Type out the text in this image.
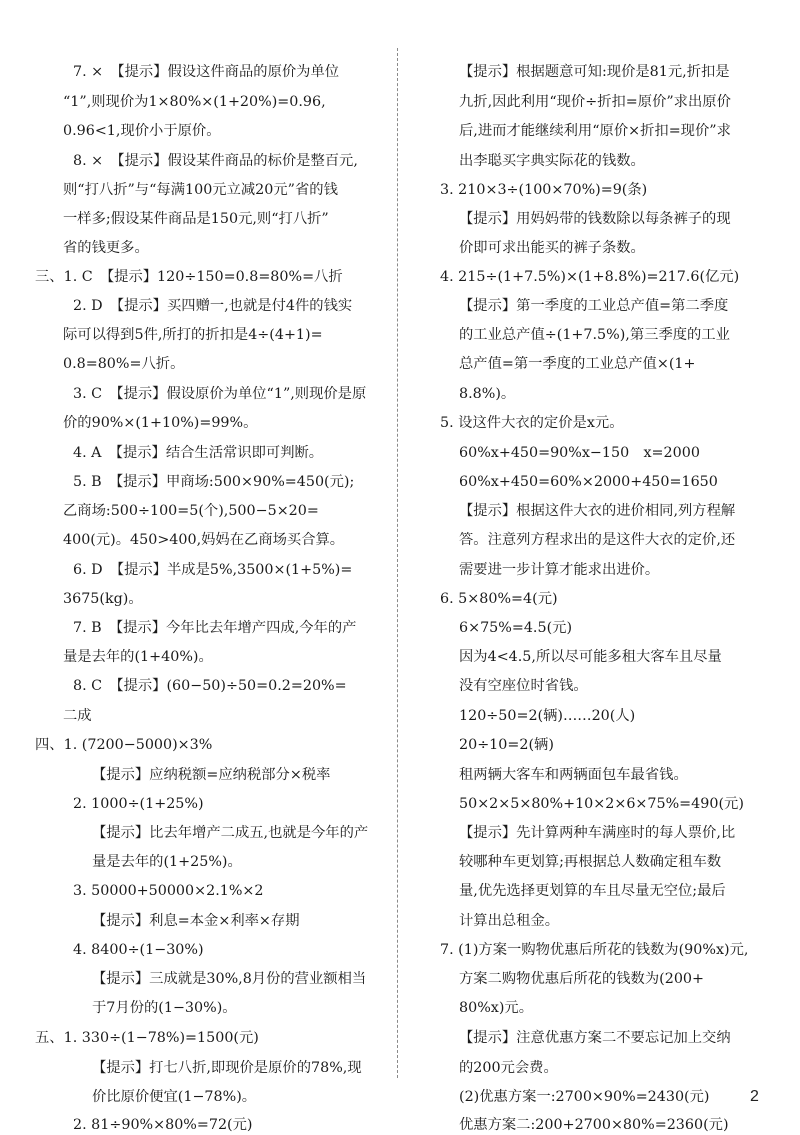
7. ×　【提示】假设这件商品的原价为单位
“1”,则现价为1×80%×(1+20%)=0.96,
0.96<1,现价小于原价。
8. ×　【提示】假设某件商品的标价是整百元,
则“打八折”与“每满100元立减20元”省的钱
一样多;假设某件商品是150元,则“打八折”
省的钱更多。
三、1. C　【提示】120÷150=0.8=80%=八折
2. D　【提示】买四赠一,也就是付4件的钱实
际可以得到5件,所打的折扣是4÷(4+1)=
0.8=80%=八折。
3. C　【提示】假设原价为单位“1”,则现价是原
价的90%×(1+10%)=99%。
4. A　【提示】结合生活常识即可判断。
5. B　【提示】甲商场:500×90%=450(元);
乙商场:500÷100=5(个),500−5×20=
400(元)。450>400,妈妈在乙商场买合算。
6. D　【提示】半成是5%,3500×(1+5%)=
3675(kg)。
7. B　【提示】今年比去年增产四成,今年的产
量是去年的(1+40%)。
8. C　【提示】(60−50)÷50=0.2=20%=
二成
四、1. (7200−5000)×3%
【提示】应纳税额=应纳税部分×税率
2. 1000÷(1+25%)
【提示】比去年增产二成五,也就是今年的产
量是去年的(1+25%)。
3. 50000+50000×2.1%×2
【提示】利息=本金×利率×存期
4. 8400÷(1−30%)
【提示】三成就是30%,8月份的营业额相当
于7月份的(1−30%)。
五、1. 330÷(1−78%)=1500(元)
【提示】打七八折,即现价是原价的78%,现
价比原价便宜(1−78%)。
2. 81÷90%×80%=72(元)
【提示】根据题意可知:现价是81元,折扣是
九折,因此利用“现价÷折扣=原价”求出原价
后,进而才能继续利用“原价×折扣=现价”求
出李聪买字典实际花的钱数。
3. 210×3÷(100×70%)=9(条)
【提示】用妈妈带的钱数除以每条裤子的现
价即可求出能买的裤子条数。
4. 215÷(1+7.5%)×(1+8.8%)=217.6(亿元)
【提示】第一季度的工业总产值=第二季度
的工业总产值÷(1+7.5%),第三季度的工业
总产值=第一季度的工业总产值×(1+
8.8%)。
5. 设这件大衣的定价是x元。
60%x+450=90%x−150　x=2000
60%x+450=60%×2000+450=1650
【提示】根据这件大衣的进价相同,列方程解
答。注意列方程求出的是这件大衣的定价,还
需要进一步计算才能求出进价。
6. 5×80%=4(元)
6×75%=4.5(元)
因为4<4.5,所以尽可能多租大客车且尽量
没有空座位时省钱。
120÷50=2(辆)……20(人)
20÷10=2(辆)
租两辆大客车和两辆面包车最省钱。
50×2×5×80%+10×2×6×75%=490(元)
【提示】先计算两种车满座时的每人票价,比
较哪种车更划算;再根据总人数确定租车数
量,优先选择更划算的车且尽量无空位;最后
计算出总租金。
7. (1)方案一购物优惠后所花的钱数为(90%x)元,
方案二购物优惠后所花的钱数为(200+
80%x)元。
【提示】注意优惠方案二不要忘记加上交纳
的200元会费。
(2)优惠方案一:2700×90%=2430(元)
优惠方案二:200+2700×80%=2360(元)
2
